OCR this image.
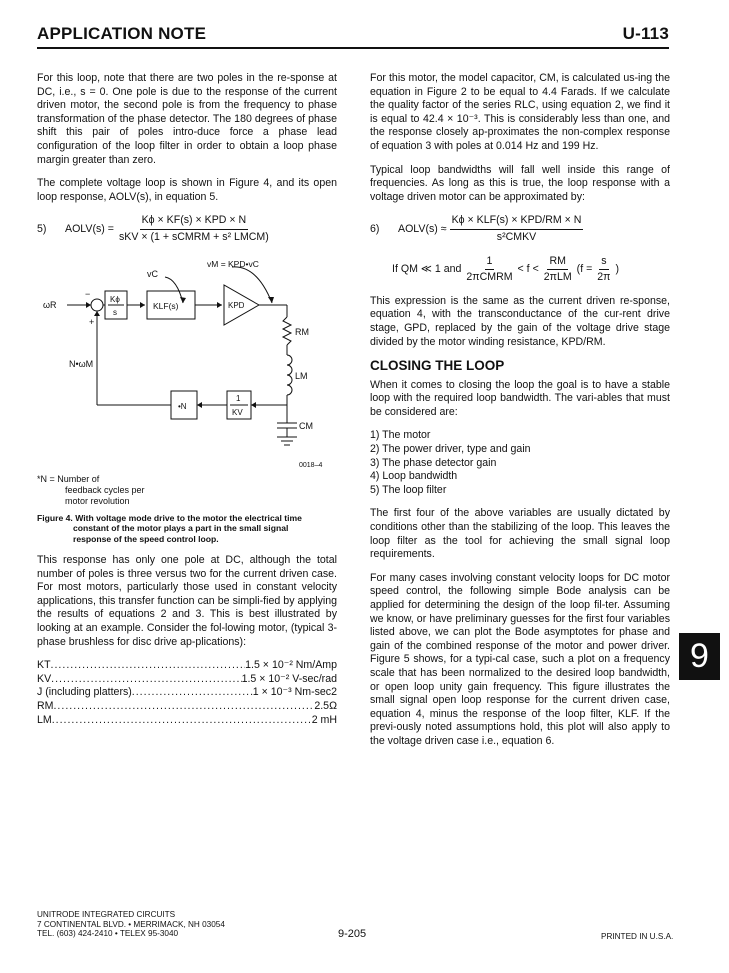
APPLICATION NOTE	U-113

For this loop, note that there are two poles in the re-sponse at DC, i.e., s = 0. One pole is due to the response of the current driven motor, the second pole is from the frequency to phase transformation of the phase detector. The 180 degrees of phase shift this pair of poles intro-duce force a phase lead configuration of the loop filter in order to obtain a loop phase margin greater than zero.

The complete voltage loop is shown in Figure 4, and its open loop response, AOLV(s), in equation 5.

5)	AOLV(s) = $\frac{\text{Kϕ × KF(s) × KPD × N}}{\text{sKV × (1 + sCMRM + s² LMCM)}}$
ωR
−
+
Kϕ
s
KLF(s)	KPD
vC
vM = KPD•vC
RM
LM
CM
N•ωM
•N
1
KV
0018–4
*N = Number of
feedback cycles per
motor revolution
Figure 4. With voltage mode drive to the motor the electrical time
constant of the motor plays a part in the small signal
response of the speed control loop.

This response has only one pole at DC, although the total number of poles is three versus two for the current driven case. For most motors, particularly those used in constant velocity applications, this transfer function can be simpli-fied by applying the results of equations 2 and 3. This is best illustrated by looking at an example. Consider the fol-lowing motor, (typical 3-phase brushless for disc drive ap-plications):

KT .....	1.5 × 10⁻² Nm/Amp
KV .....	1.5 × 10⁻² V-sec/rad
J (including platters) .....	1 × 10⁻³ Nm-sec2
RM .....	2.5Ω
LM .....	2 mH

For this motor, the model capacitor, CM, is calculated us-ing the equation in Figure 2 to be equal to 4.4 Farads. If we calculate the quality factor of the series RLC, using equation 2, we find it is equal to 42.4 × 10⁻³. This is considerably less than one, and the response closely ap-proximates the non-complex response of equation 3 with poles at 0.014 Hz and 199 Hz.

Typical loop bandwidths will fall well inside this range of frequencies. As long as this is true, the loop response with a voltage driven motor can be approximated by:

6)	AOLV(s) ≈ $\frac{\text{Kϕ × KLF(s) × KPD/RM × N}}{\text{s²CMKV}}$
If QM ≪ 1 and $\frac{1}{\text{2πCMRM}} < f < \frac{RM}{\text{2πLM}} (f = \frac{s}{2\pi}$ )

This expression is the same as the current driven re-sponse, equation 4, with the transconductance of the cur-rent drive stage, GPD, replaced by the gain of the voltage drive stage divided by the motor winding resistance, KPD/RM.

CLOSING THE LOOP

When it comes to closing the loop the goal is to have a stable loop with the required loop bandwidth. The vari-ables that must be considered are:

1) The motor
2) The power driver, type and gain
3) The phase detector gain
4) Loop bandwidth
5) The loop filter

The first four of the above variables are usually dictated by conditions other than the stabilizing of the loop. This leaves the loop filter as the tool for achieving the small signal loop requirements.

For many cases involving constant velocity loops for DC motor speed control, the following simple Bode analysis can be applied for determining the design of the loop fil-ter. Assuming we know, or have preliminary guesses for the first four variables listed above, we can plot the Bode asymptotes for phase and gain of the combined response of the motor and power driver. Figure 5 shows, for a typi-cal case, such a plot on a frequency scale that has been normalized to the desired loop bandwidth, or open loop unity gain frequency. This figure illustrates the small signal open loop response for the current driven case, equation 4, minus the response of the loop filter, KLF. If the previ-ously noted assumptions hold, this plot will also apply to the voltage driven case i.e., equation 6.

9
UNITRODE INTEGRATED CIRCUITS
7 CONTINENTAL BLVD. • MERRIMACK, NH 03054
TEL. (603) 424-2410 • TELEX 95-3040	9-205	PRINTED IN U.S.A.
